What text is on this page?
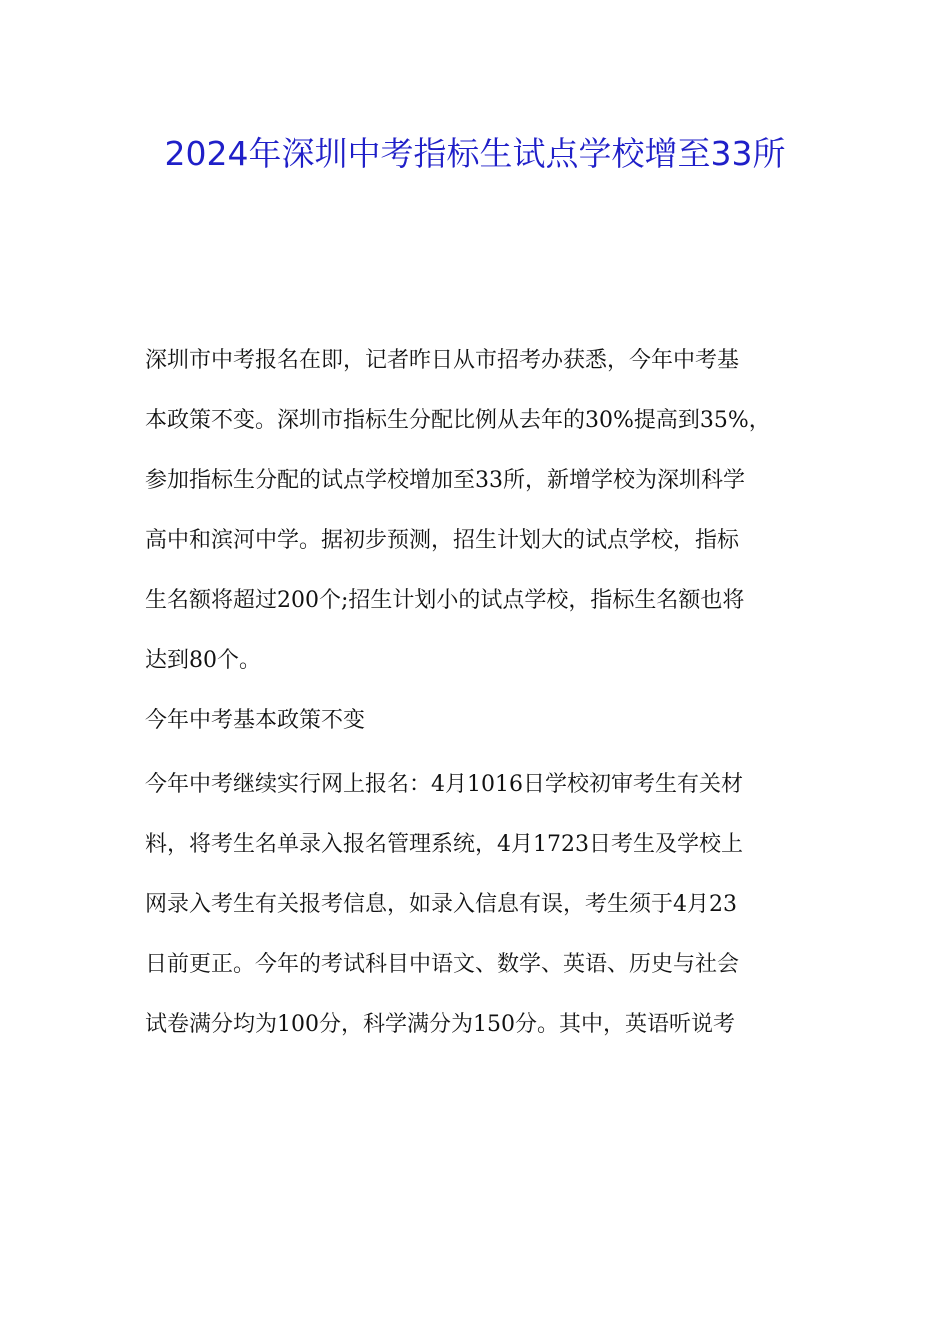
2024年深圳中考指标生试点学校增至33所
深圳市中考报名在即，记者昨日从市招考办获悉，今年中考基
本政策不变。深圳市指标生分配比例从去年的30%提高到35%，
参加指标生分配的试点学校增加至33所，新增学校为深圳科学
高中和滨河中学。据初步预测，招生计划大的试点学校，指标
生名额将超过200个;招生计划小的试点学校，指标生名额也将
达到80个。
今年中考基本政策不变
今年中考继续实行网上报名：4月1016日学校初审考生有关材
料，将考生名单录入报名管理系统，4月1723日考生及学校上
网录入考生有关报考信息，如录入信息有误，考生须于4月23
日前更正。今年的考试科目中语文、数学、英语、历史与社会
试卷满分均为100分，科学满分为150分。其中，英语听说考
